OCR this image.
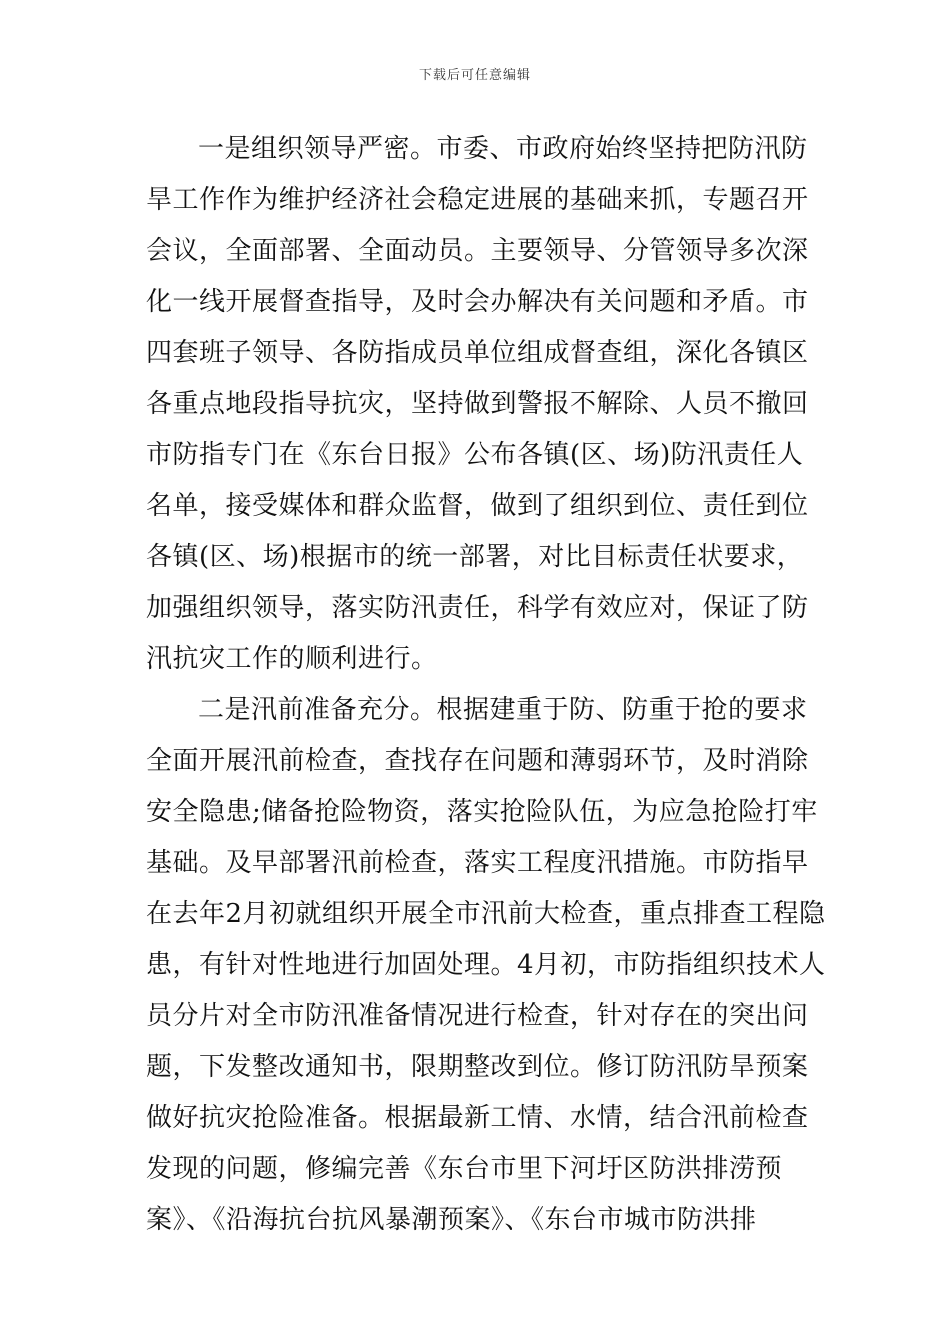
下载后可任意编辑
一是组织领导严密。市委、市政府始终坚持把防汛防
旱工作作为维护经济社会稳定进展的基础来抓，专题召开
会议，全面部署、全面动员。主要领导、分管领导多次深
化一线开展督查指导，及时会办解决有关问题和矛盾。市
四套班子领导、各防指成员单位组成督查组，深化各镇区
各重点地段指导抗灾，坚持做到警报不解除、人员不撤回
市防指专门在《东台日报》公布各镇(区、场)防汛责任人
名单，接受媒体和群众监督，做到了组织到位、责任到位
各镇(区、场)根据市的统一部署，对比目标责任状要求，
加强组织领导，落实防汛责任，科学有效应对，保证了防
汛抗灾工作的顺利进行。
二是汛前准备充分。根据建重于防、防重于抢的要求
全面开展汛前检查，查找存在问题和薄弱环节，及时消除
安全隐患;储备抢险物资，落实抢险队伍，为应急抢险打牢
基础。及早部署汛前检查，落实工程度汛措施。市防指早
在去年2月初就组织开展全市汛前大检查，重点排查工程隐
患，有针对性地进行加固处理。4月初，市防指组织技术人
员分片对全市防汛准备情况进行检查，针对存在的突出问
题，下发整改通知书，限期整改到位。修订防汛防旱预案
做好抗灾抢险准备。根据最新工情、水情，结合汛前检查
发现的问题，修编完善《东台市里下河圩区防洪排涝预
案》、《沿海抗台抗风暴潮预案》、《东台市城市防洪排
